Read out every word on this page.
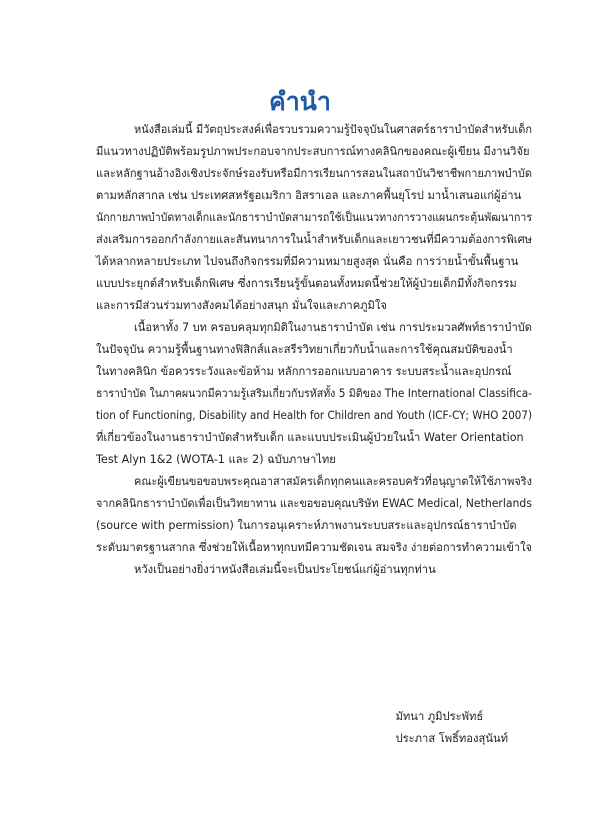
คำนำ
หนังสือเล่มนี้ มีวัตถุประสงค์เพื่อรวบรวมความรู้ปัจจุบันในศาสตร์ธาราบำบัดสำหรับเด็ก
มีแนวทางปฏิบัติพร้อมรูปภาพประกอบจากประสบการณ์ทางคลินิกของคณะผู้เขียน มีงานวิจัย
และหลักฐานอ้างอิงเชิงประจักษ์รองรับหรือมีการเรียนการสอนในสถาบันวิชาชีพกายภาพบำบัด
ตามหลักสากล เช่น ประเทศสหรัฐอเมริกา อิสราเอล และภาคพื้นยุโรป มาน้ำเสนอแก่ผู้อ่าน
นักกายภาพบำบัดทางเด็กและนักธาราบำบัดสามารถใช้เป็นแนวทางการวางแผนกระตุ้นพัฒนาการ
ส่งเสริมการออกกำลังกายและสันทนาการในน้ำสำหรับเด็กและเยาวชนที่มีความต้องการพิเศษ
ได้หลากหลายประเภท ไปจนถึงกิจกรรมที่มีความหมายสูงสุด นั่นคือ การว่ายน้ำขั้นพื้นฐาน
แบบประยุกต์สำหรับเด็กพิเศษ ซึ่งการเรียนรู้ขั้นตอนทั้งหมดนี้ช่วยให้ผู้ป่วยเด็กมีทั้งกิจกรรม
และการมีส่วนร่วมทางสังคมได้อย่างสนุก มั่นใจและภาคภูมิใจ
เนื้อหาทั้ง 7 บท ครอบคลุมทุกมิติในงานธาราบำบัด เช่น การประมวลศัพท์ธาราบำบัด
ในปัจจุบัน ความรู้พื้นฐานทางฟิสิกส์และสรีรวิทยาเกี่ยวกับน้ำและการใช้คุณสมบัติของน้ำ
ในทางคลินิก ข้อควรระวังและข้อห้าม หลักการออกแบบอาคาร ระบบสระน้ำและอุปกรณ์
ธาราบำบัด ในภาคผนวกมีความรู้เสริมเกี่ยวกับรหัสทั้ง 5 มิติของ The International Classifica-
tion of Functioning, Disability and Health for Children and Youth (ICF-CY; WHO 2007)
ที่เกี่ยวข้องในงานธาราบำบัดสำหรับเด็ก และแบบประเมินผู้ป่วยในน้ำ Water Orientation
Test Alyn 1&2 (WOTA-1 และ 2) ฉบับภาษาไทย
คณะผู้เขียนขอขอบพระคุณอาสาสมัครเด็กทุกคนและครอบครัวที่อนุญาตให้ใช้ภาพจริง
จากคลินิกธาราบำบัดเพื่อเป็นวิทยาทาน และขอขอบคุณบริษัท EWAC Medical, Netherlands
(source with permission) ในการอนุเคราะห์ภาพงานระบบสระและอุปกรณ์ธาราบำบัด
ระดับมาตรฐานสากล ซึ่งช่วยให้เนื้อหาทุกบทมีความชัดเจน สมจริง ง่ายต่อการทำความเข้าใจ
หวังเป็นอย่างยิ่งว่าหนังสือเล่มนี้จะเป็นประโยชน์แก่ผู้อ่านทุกท่าน
มัทนา ภูมิประพัทธ์
ประภาส โพธิ์ทองสุนันท์
